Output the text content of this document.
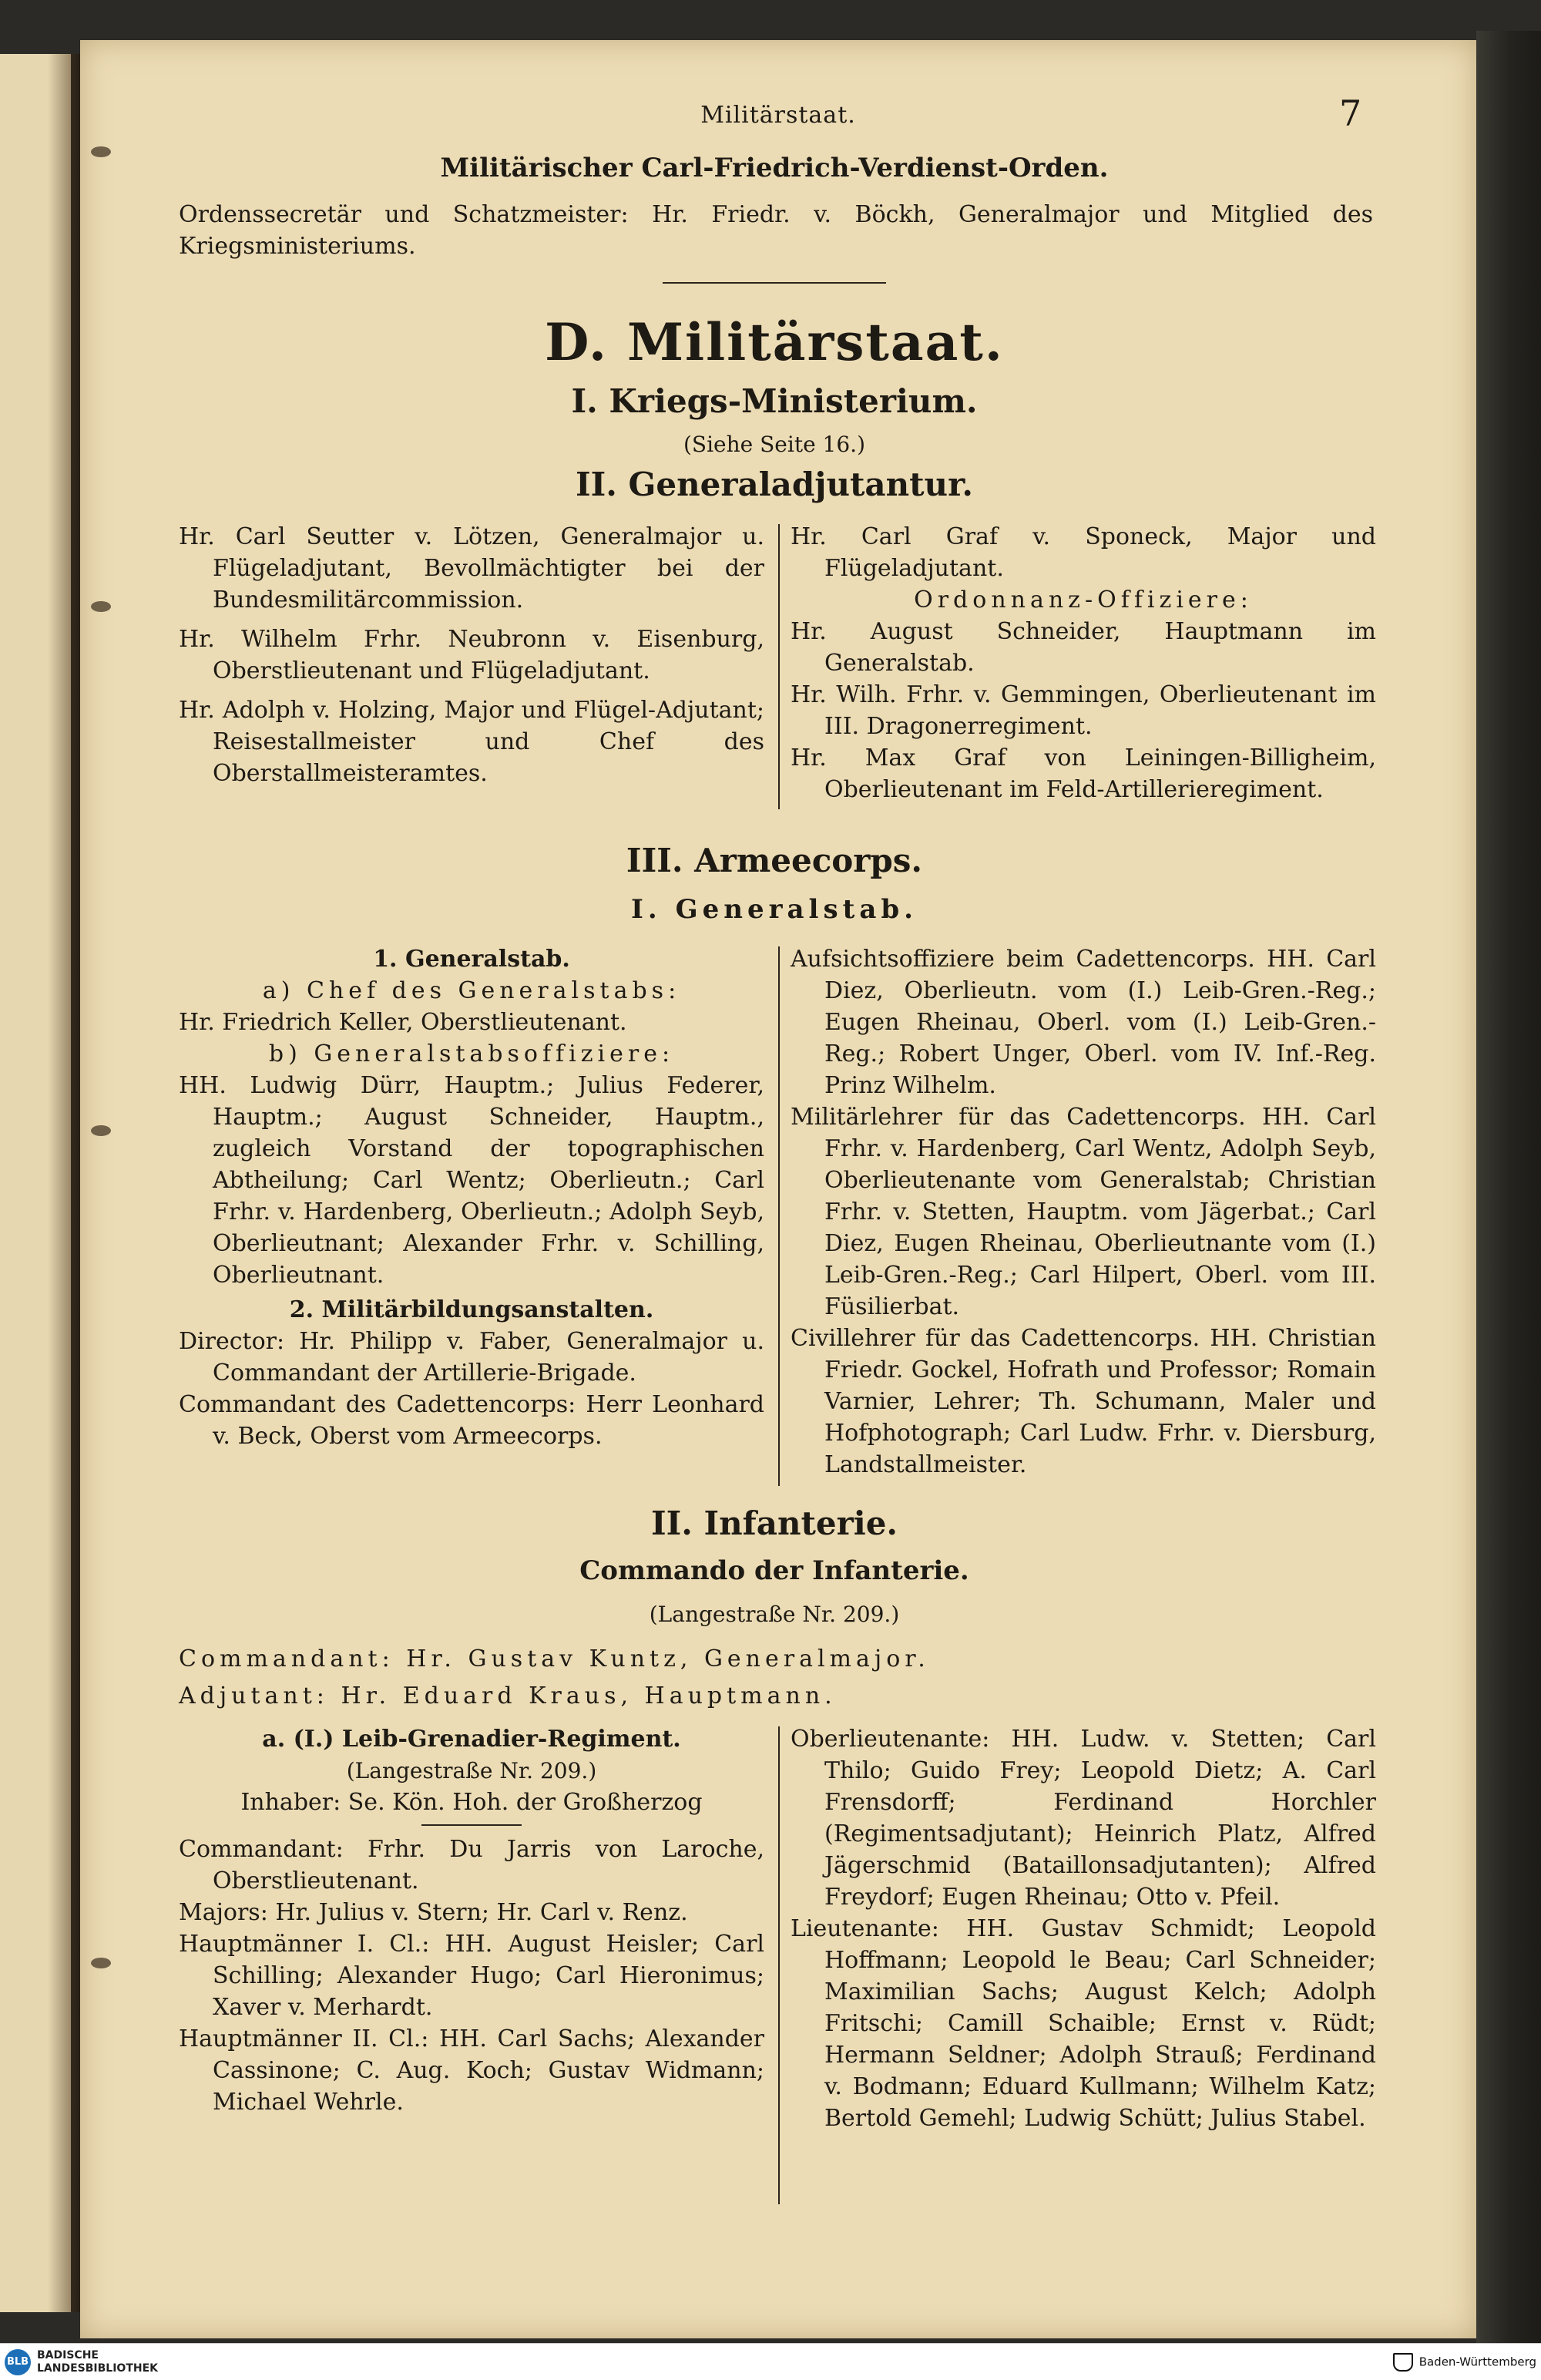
Militärstaat.	7
Militärischer Carl-Friedrich-Verdienst-Orden.
Ordenssecretär und Schatzmeister: Hr. Friedr. v. Böckh, Generalmajor und Mitglied des Kriegsministeriums.
D. Militärstaat.
I. Kriegs-Ministerium.
(Siehe Seite 16.)
II. Generaladjutantur.

Hr. Carl Seutter v. Lötzen, Generalmajor u. Flügeladjutant, Bevollmächtigter bei der Bundesmilitärcommission.

Hr. Wilhelm Frhr. Neubronn v. Eisenburg, Oberstlieutenant und Flügeladjutant.

Hr. Adolph v. Holzing, Major und Flügel-Adjutant; Reisestallmeister und Chef des Oberstallmeisteramtes.

Hr. Carl Graf v. Sponeck, Major und Flügeladjutant.

Ordonnanz-Offiziere:

Hr. August Schneider, Hauptmann im Generalstab.

Hr. Wilh. Frhr. v. Gemmingen, Oberlieutenant im III. Dragonerregiment.

Hr. Max Graf von Leiningen-Billigheim, Oberlieutenant im Feld-Artillerieregiment.

III. Armeecorps.
I. Generalstab.

1. Generalstab.

a) Chef des Generalstabs:

Hr. Friedrich Keller, Oberstlieutenant.

b) Generalstabsoffiziere:

HH. Ludwig Dürr, Hauptm.; Julius Federer, Hauptm.; August Schneider, Hauptm., zugleich Vorstand der topographischen Abtheilung; Carl Wentz; Oberlieutn.; Carl Frhr. v. Hardenberg, Oberlieutn.; Adolph Seyb, Oberlieutnant; Alexander Frhr. v. Schilling, Oberlieutnant.

2. Militärbildungsanstalten.

Director: Hr. Philipp v. Faber, Generalmajor u. Commandant der Artillerie-Brigade.

Commandant des Cadettencorps: Herr Leonhard v. Beck, Oberst vom Armeecorps.

Aufsichtsoffiziere beim Cadettencorps. HH. Carl Diez, Oberlieutn. vom (I.) Leib-Gren.-Reg.; Eugen Rheinau, Oberl. vom (I.) Leib-Gren.-Reg.; Robert Unger, Oberl. vom IV. Inf.-Reg. Prinz Wilhelm.

Militärlehrer für das Cadettencorps. HH. Carl Frhr. v. Hardenberg, Carl Wentz, Adolph Seyb, Oberlieutenante vom Generalstab; Christian Frhr. v. Stetten, Hauptm. vom Jägerbat.; Carl Diez, Eugen Rheinau, Oberlieutnante vom (I.) Leib-Gren.-Reg.; Carl Hilpert, Oberl. vom III. Füsilierbat.

Civillehrer für das Cadettencorps. HH. Christian Friedr. Gockel, Hofrath und Professor; Romain Varnier, Lehrer; Th. Schumann, Maler und Hofphotograph; Carl Ludw. Frhr. v. Diersburg, Landstallmeister.

II. Infanterie.
Commando der Infanterie.
(Langestraße Nr. 209.)
Commandant: Hr. Gustav Kuntz, Generalmajor.
Adjutant: Hr. Eduard Kraus, Hauptmann.

a. (I.) Leib-Grenadier-Regiment.

(Langestraße Nr. 209.)

Inhaber: Se. Kön. Hoh. der Großherzog

Commandant: Frhr. Du Jarris von Laroche, Oberstlieutenant.

Majors: Hr. Julius v. Stern; Hr. Carl v. Renz.

Hauptmänner I. Cl.: HH. August Heisler; Carl Schilling; Alexander Hugo; Carl Hieronimus; Xaver v. Merhardt.

Hauptmänner II. Cl.: HH. Carl Sachs; Alexander Cassinone; C. Aug. Koch; Gustav Widmann; Michael Wehrle.

Oberlieutenante: HH. Ludw. v. Stetten; Carl Thilo; Guido Frey; Leopold Dietz; A. Carl Frensdorff; Ferdinand Horchler (Regimentsadjutant); Heinrich Platz, Alfred Jägerschmid (Bataillonsadjutanten); Alfred Freydorf; Eugen Rheinau; Otto v. Pfeil.

Lieutenante: HH. Gustav Schmidt; Leopold Hoffmann; Leopold le Beau; Carl Schneider; Maximilian Sachs; August Kelch; Adolph Fritschi; Camill Schaible; Ernst v. Rüdt; Hermann Seldner; Adolph Strauß; Ferdinand v. Bodmann; Eduard Kullmann; Wilhelm Katz; Bertold Gemehl; Ludwig Schütt; Julius Stabel.

BLB
BADISCHE
LANDESBIBLIOTHEK	Baden-Württemberg
